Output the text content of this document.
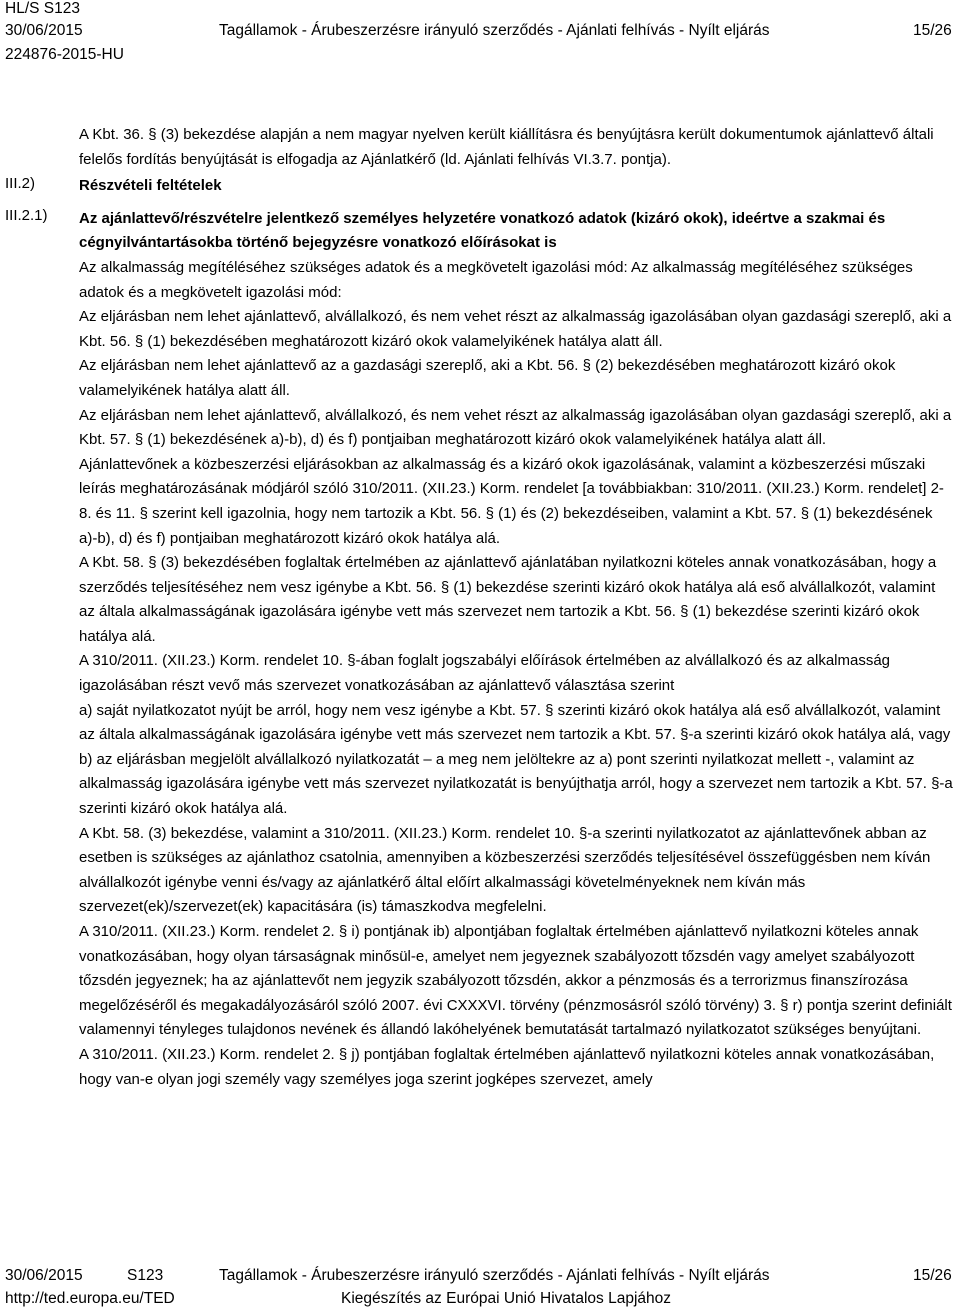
HL/S S123
30/06/2015	Tagállamok - Árubeszerzésre irányuló szerződés - Ajánlati felhívás - Nyílt eljárás	15/26
224876-2015-HU
III.2)
III.2.1)

A Kbt. 36. § (3) bekezdése alapján a nem magyar nyelven került kiállításra és benyújtásra került dokumentumok ajánlattevő általi felelős fordítás benyújtását is elfogadja az Ajánlatkérő (ld. Ajánlati felhívás VI.3.7. pontja).

Részvételi feltételek

Az ajánlattevő/részvételre jelentkező személyes helyzetére vonatkozó adatok (kizáró okok), ideértve a szakmai és cégnyilvántartásokba történő bejegyzésre vonatkozó előírásokat is

Az alkalmasság megítéléséhez szükséges adatok és a megkövetelt igazolási mód: Az alkalmasság megítéléséhez szükséges adatok és a megkövetelt igazolási mód:

Az eljárásban nem lehet ajánlattevő, alvállalkozó, és nem vehet részt az alkalmasság igazolásában olyan gazdasági szereplő, aki a Kbt. 56. § (1) bekezdésében meghatározott kizáró okok valamelyikének hatálya alatt áll.

Az eljárásban nem lehet ajánlattevő az a gazdasági szereplő, aki a Kbt. 56. § (2) bekezdésében meghatározott kizáró okok valamelyikének hatálya alatt áll.

Az eljárásban nem lehet ajánlattevő, alvállalkozó, és nem vehet részt az alkalmasság igazolásában olyan gazdasági szereplő, aki a Kbt. 57. § (1) bekezdésének a)-b), d) és f) pontjaiban meghatározott kizáró okok valamelyikének hatálya alatt áll.

Ajánlattevőnek a közbeszerzési eljárásokban az alkalmasság és a kizáró okok igazolásának, valamint a közbeszerzési műszaki leírás meghatározásának módjáról szóló 310/2011. (XII.23.) Korm. rendelet [a továbbiakban: 310/2011. (XII.23.) Korm. rendelet] 2-8. és 11. § szerint kell igazolnia, hogy nem tartozik a Kbt. 56. § (1) és (2) bekezdéseiben, valamint a Kbt. 57. § (1) bekezdésének a)-b), d) és f) pontjaiban meghatározott kizáró okok hatálya alá.

A Kbt. 58. § (3) bekezdésében foglaltak értelmében az ajánlattevő ajánlatában nyilatkozni köteles annak vonatkozásában, hogy a szerződés teljesítéséhez nem vesz igénybe a Kbt. 56. § (1) bekezdése szerinti kizáró okok hatálya alá eső alvállalkozót, valamint az általa alkalmasságának igazolására igénybe vett más szervezet nem tartozik a Kbt. 56. § (1) bekezdése szerinti kizáró okok hatálya alá.

A 310/2011. (XII.23.) Korm. rendelet 10. §-ában foglalt jogszabályi előírások értelmében az alvállalkozó és az alkalmasság igazolásában részt vevő más szervezet vonatkozásában az ajánlattevő választása szerint

a) saját nyilatkozatot nyújt be arról, hogy nem vesz igénybe a Kbt. 57. § szerinti kizáró okok hatálya alá eső alvállalkozót, valamint az általa alkalmasságának igazolására igénybe vett más szervezet nem tartozik a Kbt. 57. §-a szerinti kizáró okok hatálya alá, vagy

b) az eljárásban megjelölt alvállalkozó nyilatkozatát – a meg nem jelöltekre az a) pont szerinti nyilatkozat mellett -, valamint az alkalmasság igazolására igénybe vett más szervezet nyilatkozatát is benyújthatja arról, hogy a szervezet nem tartozik a Kbt. 57. §-a szerinti kizáró okok hatálya alá.

A Kbt. 58. (3) bekezdése, valamint a 310/2011. (XII.23.) Korm. rendelet 10. §-a szerinti nyilatkozatot az ajánlattevőnek abban az esetben is szükséges az ajánlathoz csatolnia, amennyiben a közbeszerzési szerződés teljesítésével összefüggésben nem kíván alvállalkozót igénybe venni és/vagy az ajánlatkérő által előírt alkalmassági követelményeknek nem kíván más szervezet(ek)/szervezet(ek) kapacitására (is) támaszkodva megfelelni.

A 310/2011. (XII.23.) Korm. rendelet 2. § i) pontjának ib) alpontjában foglaltak értelmében ajánlattevő nyilatkozni köteles annak vonatkozásában, hogy olyan társaságnak minősül-e, amelyet nem jegyeznek szabályozott tőzsdén vagy amelyet szabályozott tőzsdén jegyeznek; ha az ajánlattevőt nem jegyzik szabályozott tőzsdén, akkor a pénzmosás és a terrorizmus finanszírozása megelőzéséről és megakadályozásáról szóló 2007. évi CXXXVI. törvény (pénzmosásról szóló törvény) 3. § r) pontja szerint definiált valamennyi tényleges tulajdonos nevének és állandó lakóhelyének bemutatását tartalmazó nyilatkozatot szükséges benyújtani.

A 310/2011. (XII.23.) Korm. rendelet 2. § j) pontjában foglaltak értelmében ajánlattevő nyilatkozni köteles annak vonatkozásában, hogy van-e olyan jogi személy vagy személyes joga szerint jogképes szervezet, amely

30/06/2015	S123	Tagállamok - Árubeszerzésre irányuló szerződés - Ajánlati felhívás - Nyílt eljárás	15/26
http://ted.europa.eu/TED	Kiegészítés az Európai Unió Hivatalos Lapjához
